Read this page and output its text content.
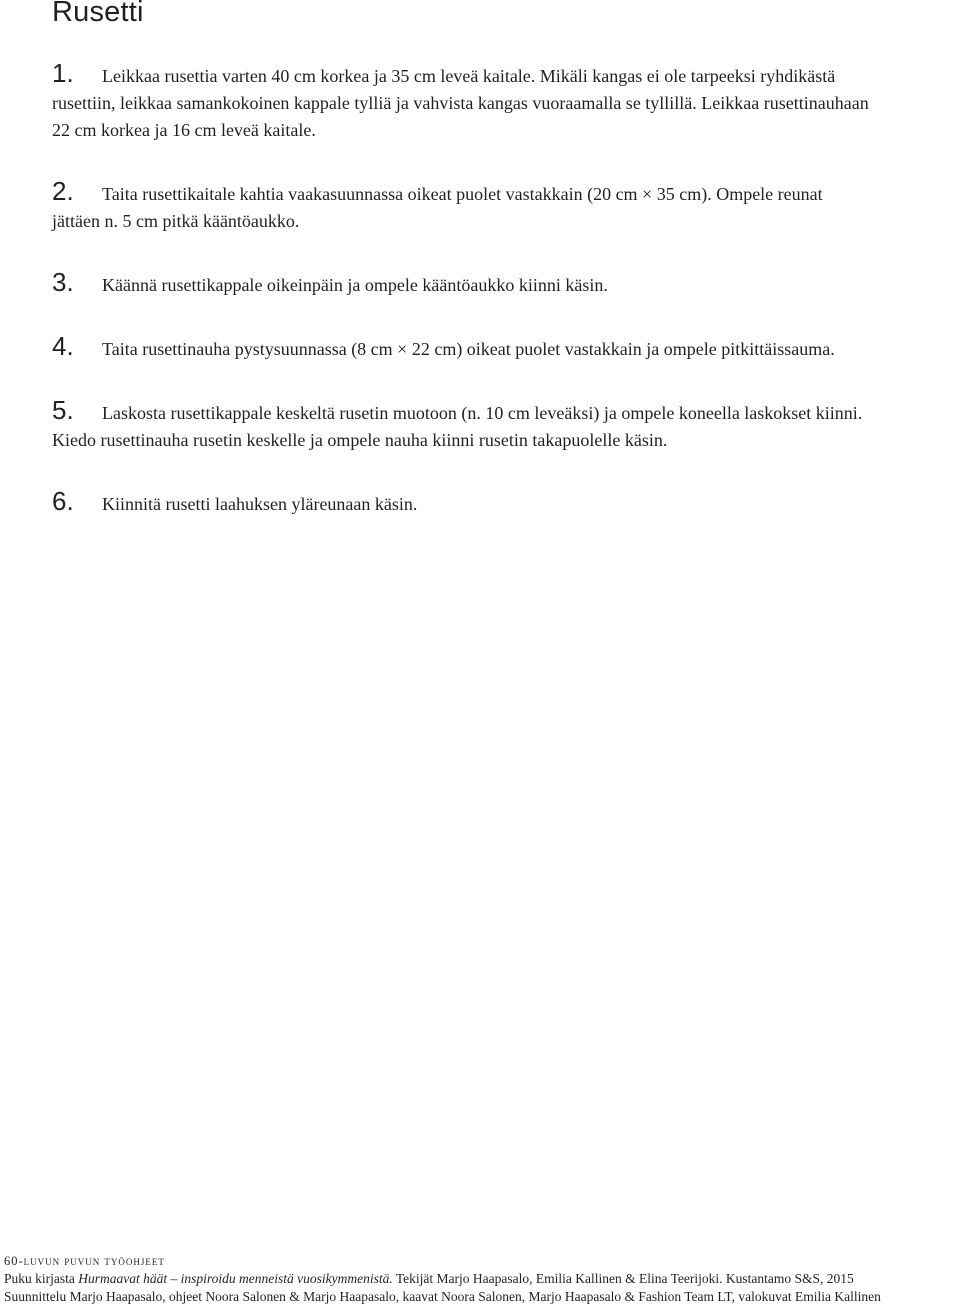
Rusetti

1. Leikkaa rusettia varten 40 cm korkea ja 35 cm leveä kaitale. Mikäli kangas ei ole tarpeeksi ryhdikästä rusettiin, leikkaa samankokoinen kappale tylliä ja vahvista kangas vuoraamalla se tyllillä. Leikkaa rusettinauhaan 22 cm korkea ja 16 cm leveä kaitale.

2. Taita rusettikaitale kahtia vaakasuunnassa oikeat puolet vastakkain (20 cm × 35 cm). Ompele reunat jättäen n. 5 cm pitkä kääntöaukko.

3. Käännä rusettikappale oikeinpäin ja ompele kääntöaukko kiinni käsin.

4. Taita rusettinauha pystysuunnassa (8 cm × 22 cm) oikeat puolet vastakkain ja ompele pitkittäissauma.

5. Laskosta rusettikappale keskeltä rusetin muotoon (n. 10 cm leveäksi) ja ompele koneella laskokset kiinni. Kiedo rusettinauha rusetin keskelle ja ompele nauha kiinni rusetin takapuolelle käsin.

6. Kiinnitä rusetti laahuksen yläreunaan käsin.

60-luvun puvun työohjeet
Puku kirjasta Hurmaavat häät – inspiroidu menneistä vuosikymmenistä. Tekijät Marjo Haapasalo, Emilia Kallinen & Elina Teerijoki. Kustantamo S&S, 2015
Suunnittelu Marjo Haapasalo, ohjeet Noora Salonen & Marjo Haapasalo, kaavat Noora Salonen, Marjo Haapasalo & Fashion Team LT, valokuvat Emilia Kallinen
